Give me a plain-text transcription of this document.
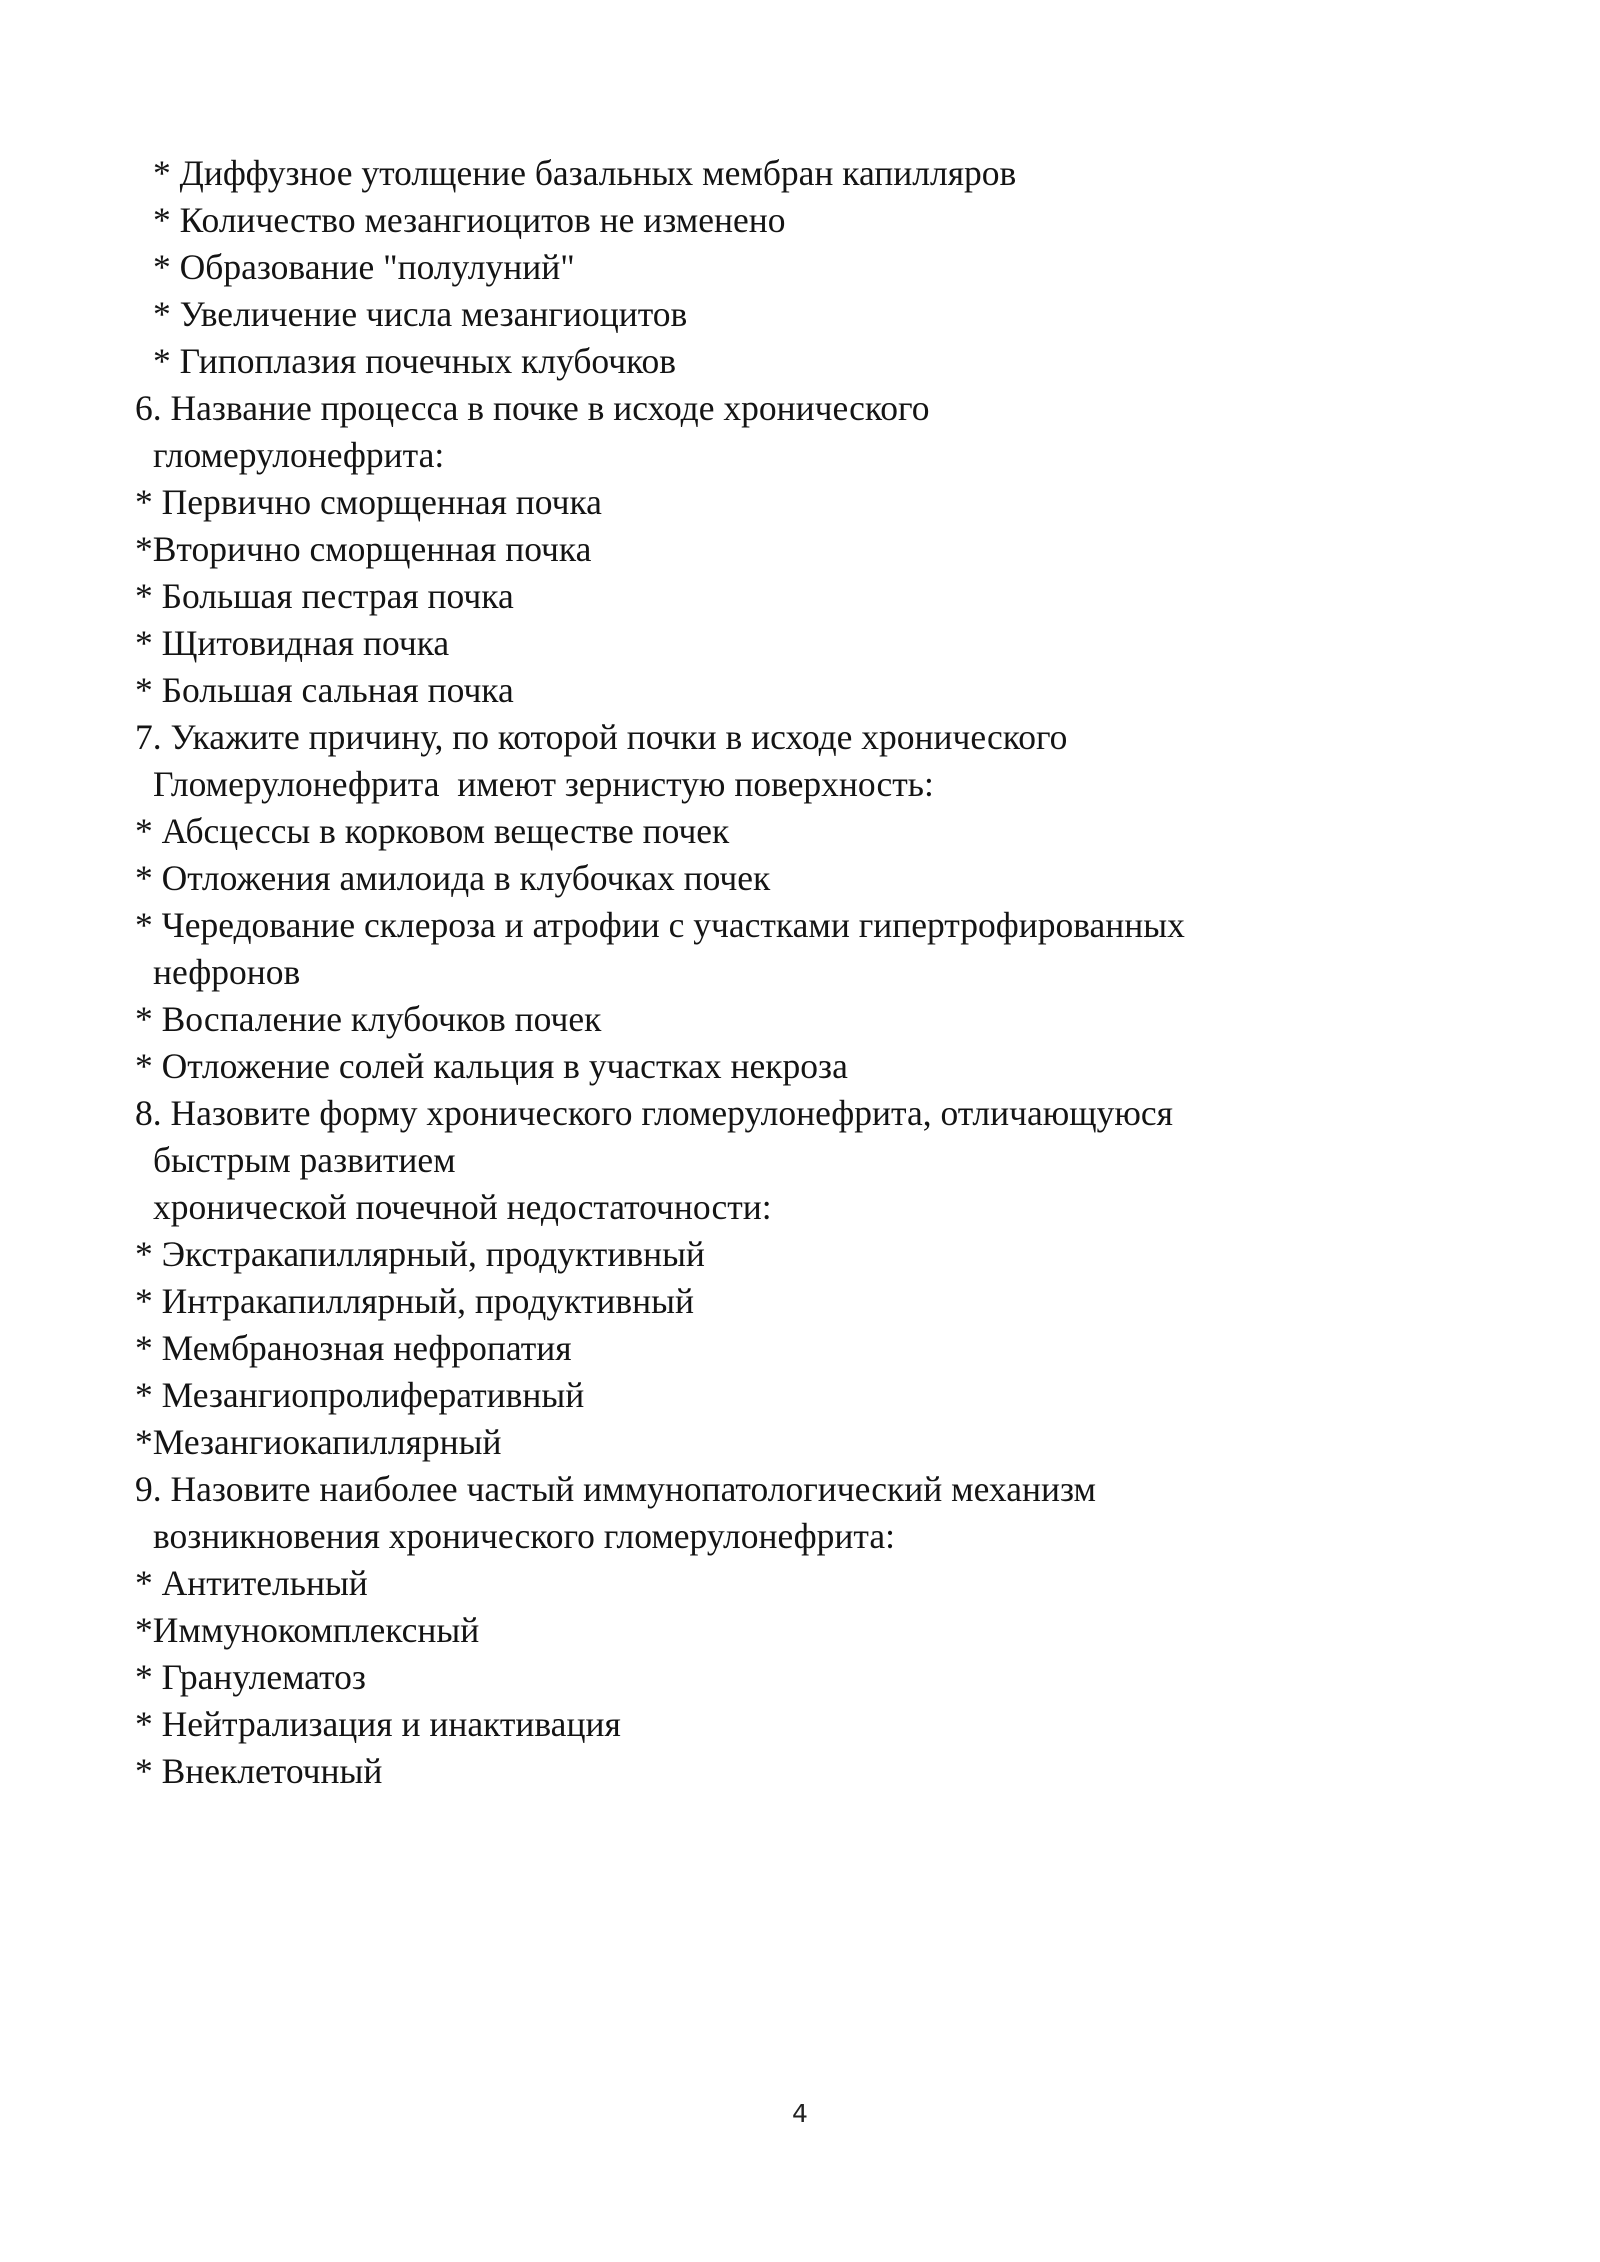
* Диффузное утолщение базальных мембран капилляров
* Количество мезангиоцитов не изменено
* Образование "полулуний"
* Увеличение числа мезангиоцитов
* Гипоплазия почечных клубочков
6. Название процесса в почке в исходе хронического
гломерулонефрита:
* Первично сморщенная почка
*Вторично сморщенная почка
* Большая пестрая почка
* Щитовидная почка
* Большая сальная почка
7. Укажите причину, по которой почки в исходе хронического
Гломерулонефрита  имеют зернистую поверхность:
* Абсцессы в корковом веществе почек
* Отложения амилоида в клубочках почек
* Чередование склероза и атрофии с участками гипертрофированных
нефронов
* Воспаление клубочков почек
* Отложение солей кальция в участках некроза
8. Назовите форму хронического гломерулонефрита, отличающуюся
быстрым развитием
хронической почечной недостаточности:
* Экстракапиллярный, продуктивный
* Интракапиллярный, продуктивный
* Мембранозная нефропатия
* Мезангиопролиферативный
*Мезангиокапиллярный
9. Назовите наиболее частый иммунопатологический механизм
возникновения хронического гломерулонефрита:
* Антительный
*Иммунокомплексный
* Гранулематоз
* Нейтрализация и инактивация
* Внеклеточный
4
